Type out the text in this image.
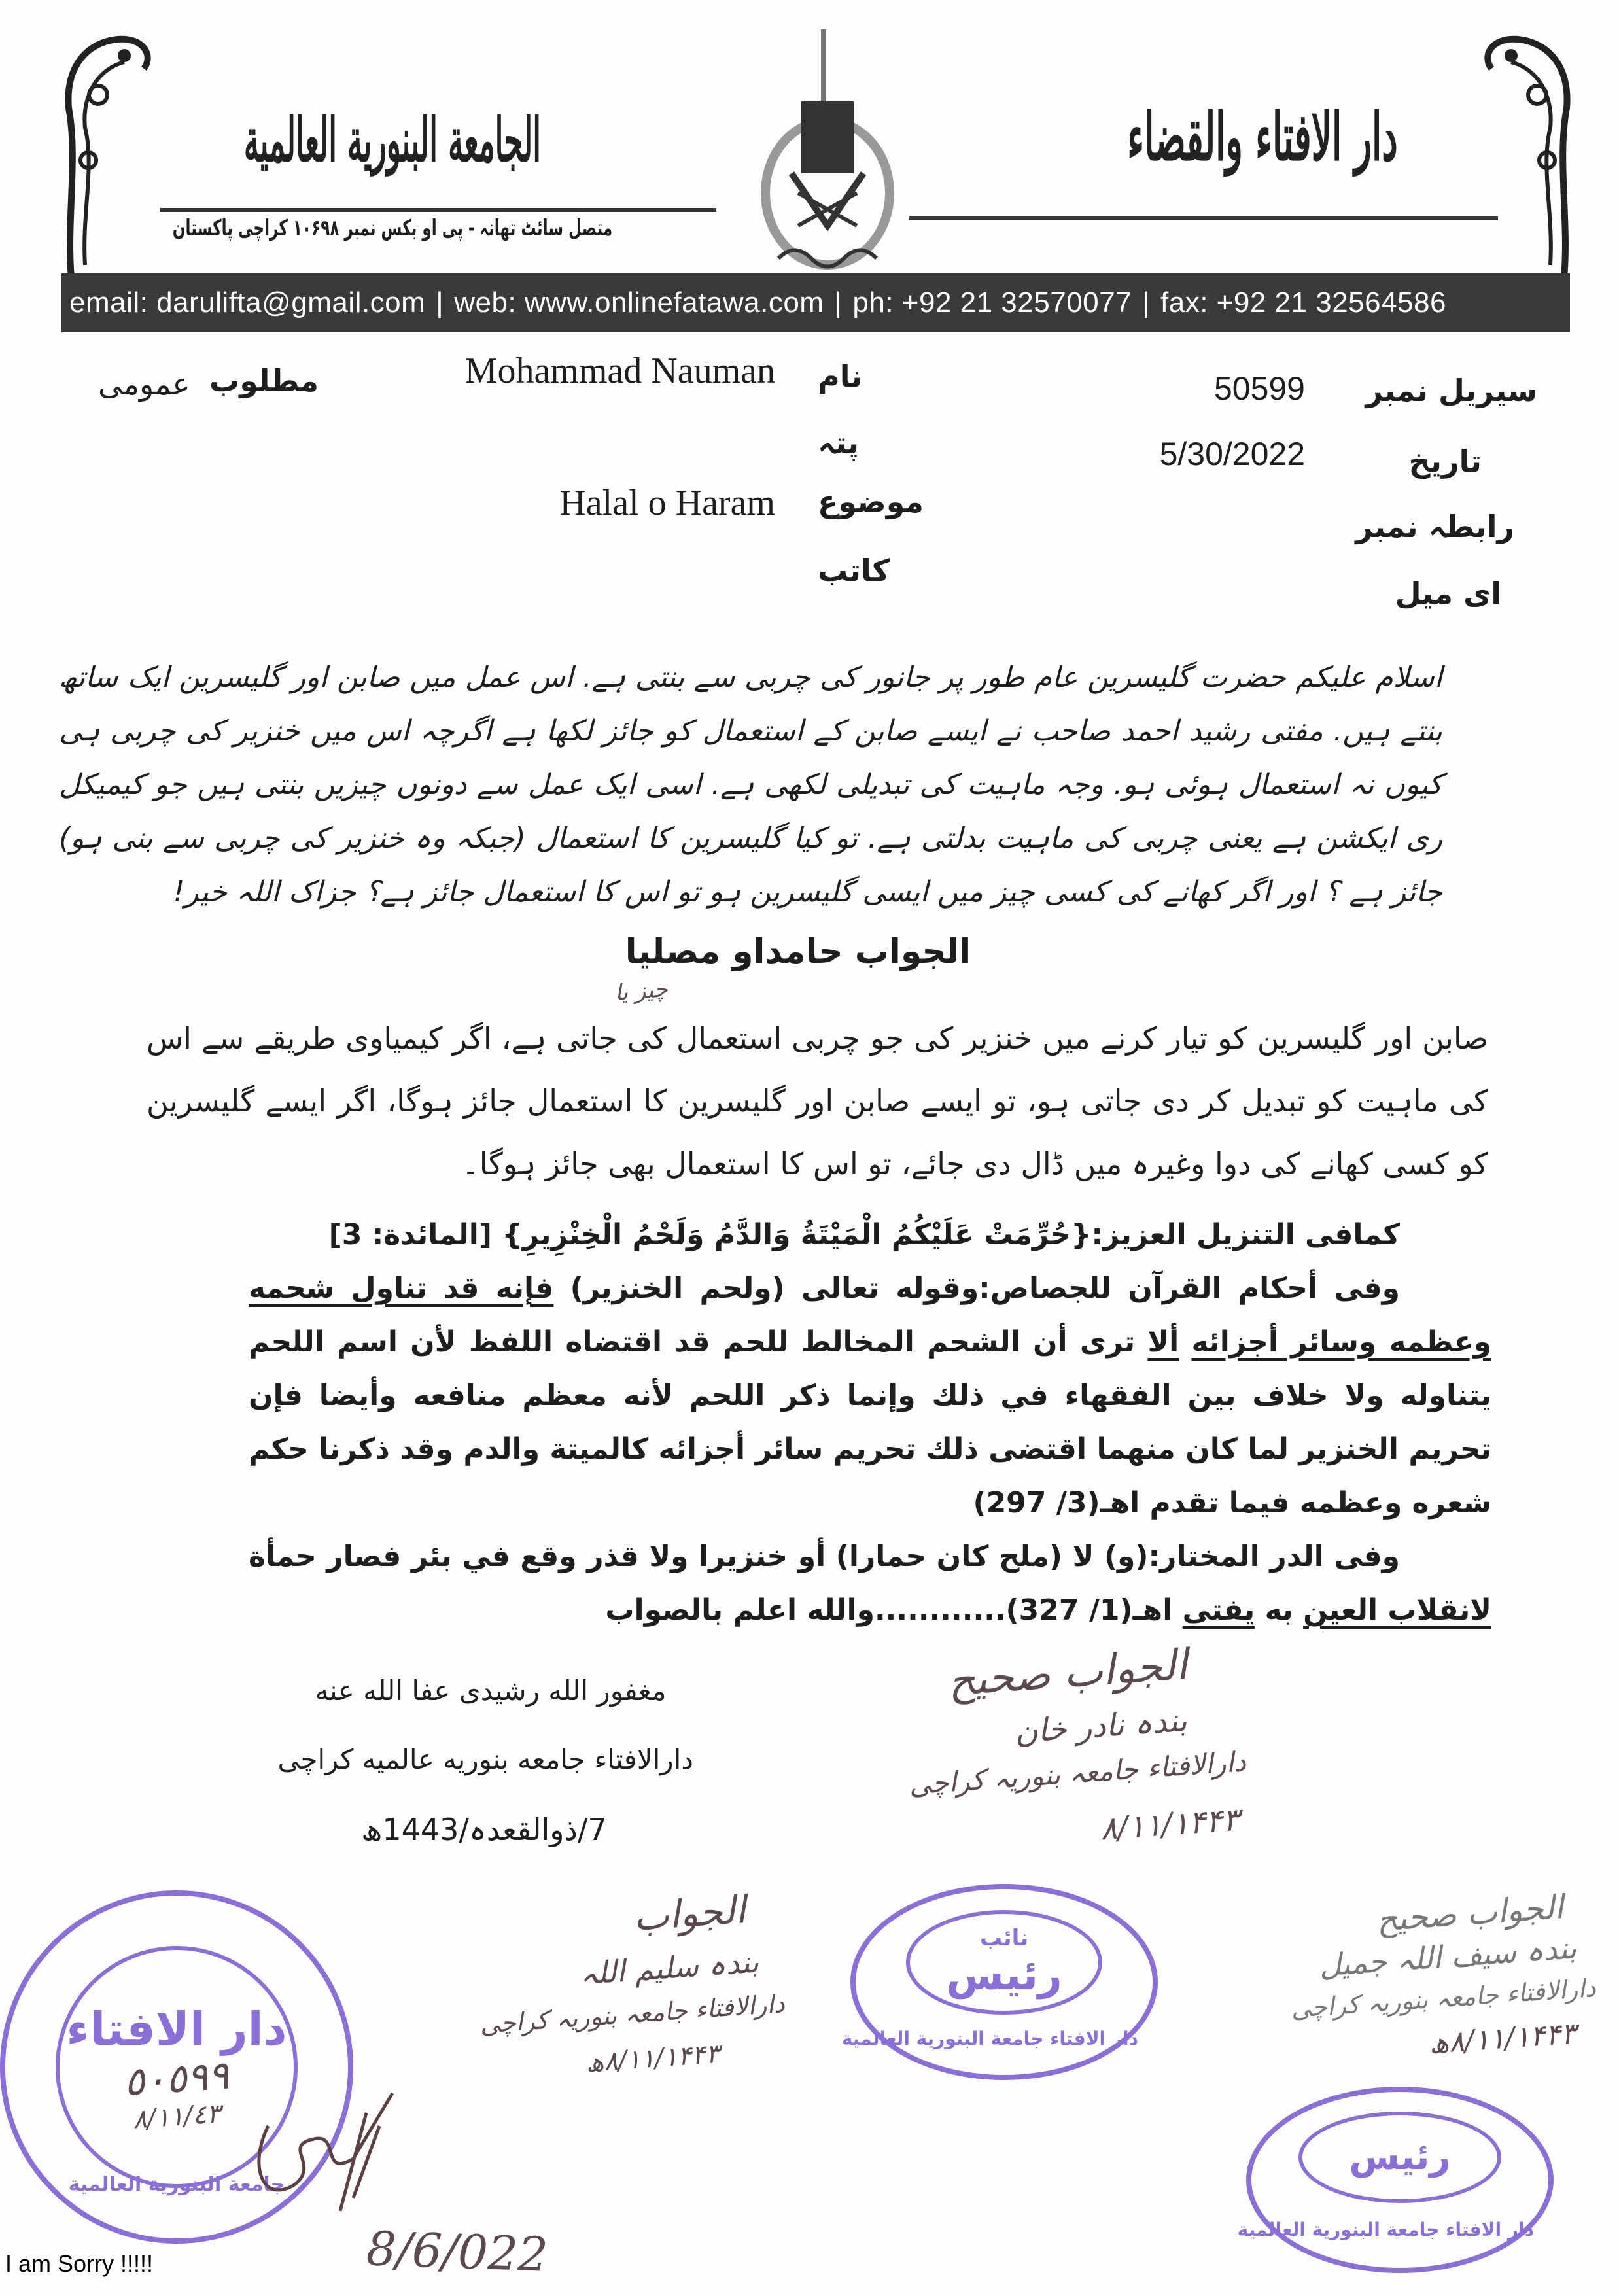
الجامعة البنورية العالمية
متصل سائٹ تھانہ - پی او بکس نمبر ۱۰۶۹۸ کراچی پاکستان
دار الافتاء والقضاء
email: darulifta@gmail.com | web: www.onlinefatawa.com | ph: +92 21 32570077 | fax: +92 21 32564586
سیریل نمبر
50599
تاریخ
5/30/2022
رابطہ نمبر
ای میل
نام
Mohammad Nauman
پتہ
موضوع
Halal o Haram
کاتب
مطلوب
عمومی
اسلام علیکم حضرت گلیسرین عام طور پر جانور کی چربی سے بنتی ہے. اس عمل میں صابن اور گلیسرین ایک ساتھ بنتے ہیں. مفتی رشید احمد صاحب نے ایسے صابن کے استعمال کو جائز لکھا ہے اگرچہ اس میں خنزیر کی چربی ہی کیوں نہ استعمال ہوئی ہو. وجہ ماہیت کی تبدیلی لکھی ہے. اسی ایک عمل سے دونوں چیزیں بنتی ہیں جو کیمیکل ری ایکشن ہے یعنی چربی کی ماہیت بدلتی ہے. تو کیا گلیسرین کا استعمال (جبکہ وہ خنزیر کی چربی سے بنی ہو) جائز ہے ؟ اور اگر کھانے کی کسی چیز میں ایسی گلیسرین ہو تو اس کا استعمال جائز ہے؟ جزاک اللہ خیر!
الجواب حامداو مصليا
چیز یا
صابن اور گلیسرین کو تیار کرنے میں خنزیر کی جو چربی استعمال کی جاتی ہے، اگر کیمیاوی طریقے سے اس کی ماہیت کو تبدیل کر دی جاتی ہو، تو ایسے صابن اور گلیسرین کا استعمال جائز ہوگا، اگر ایسے گلیسرین کو کسی کھانے کی دوا وغیرہ میں ڈال دی جائے، تو اس کا استعمال بھی جائز ہوگا۔

كمافى التنزيل العزيز:{حُرِّمَتْ عَلَيْكُمُ الْمَيْتَةُ وَالدَّمُ وَلَحْمُ الْخِنْزِيرِ} [المائدة: 3]

وفى أحكام القرآن للجصاص:وقوله تعالى (ولحم الخنزير) فإنه قد تناول شحمه وعظمه وسائر أجزائه ألا ترى أن الشحم المخالط للحم قد اقتضاه اللفظ لأن اسم اللحم يتناوله ولا خلاف بين الفقهاء في ذلك وإنما ذكر اللحم لأنه معظم منافعه وأيضا فإن تحريم الخنزير لما كان منهما اقتضى ذلك تحريم سائر أجزائه كالميتة والدم وقد ذكرنا حكم شعره وعظمه فيما تقدم اهـ(3/ 297)

وفى الدر المختار:(و) لا (ملح كان حمارا) أو خنزيرا ولا قذر وقع في بئر فصار حمأة لانقلاب العين به يفتى اهـ(1/ 327)............والله اعلم بالصواب

مغفور الله رشیدی عفا الله عنه
دارالافتاء جامعه بنوریه عالمیه کراچی
7/ذوالقعدہ/1443ھ
دار الافتاء
٥٠٥٩٩
٨/١١/٤٣
جامعة البنورية العالمية
نائب
رئیس
دار الافتاء جامعة البنورية العالمية
رئیس
دار الافتاء جامعة البنورية العالمية
الجواب صحیح
بندہ نادر خان
دارالافتاء جامعہ بنوریہ کراچی
۸/۱۱/۱۴۴۳
الجواب
بندہ سلیم اللہ
دارالافتاء جامعہ بنوریہ کراچی
۸/۱۱/۱۴۴۳ھ
الجواب صحیح
بندہ سیف اللہ جمیل
دارالافتاء جامعہ بنوریہ کراچی
۸/۱۱/۱۴۴۳ھ
8/6/022
I am Sorry !!!!!
